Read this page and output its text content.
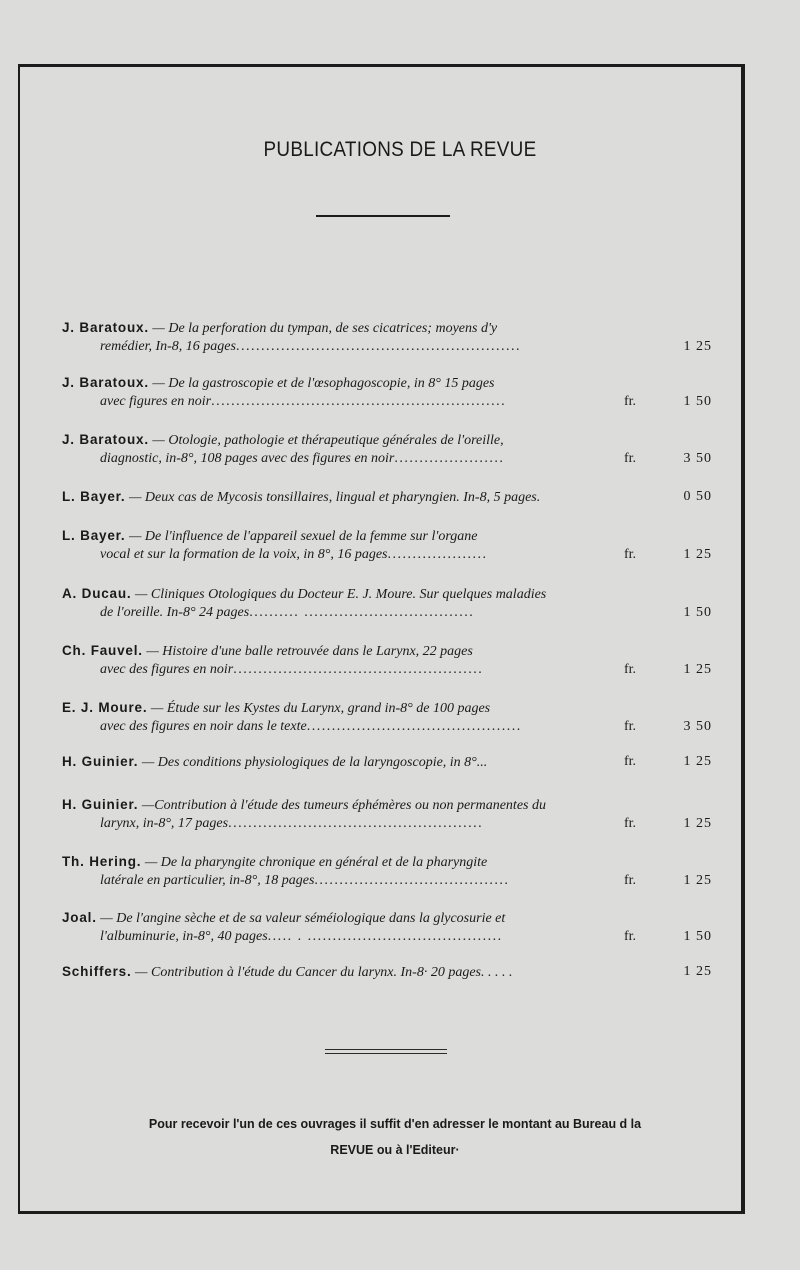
PUBLICATIONS DE LA REVUE
J. Baratoux. — De la perforation du tympan, de ses cicatrices; moyens d'y
remédier, In-8, 16 pages.........................................................	1 25
J. Baratoux. — De la gastroscopie et de l'œsophagoscopie, in 8° 15 pages
avec figures en noir...........................................................	fr.	1 50
J. Baratoux. — Otologie, pathologie et thérapeutique générales de l'oreille,
diagnostic, in-8°, 108 pages avec des figures en noir......................	fr.	3 50
L. Bayer. — Deux cas de Mycosis tonsillaires, lingual et pharyngien. In-8, 5 pages.	0 50
L. Bayer. — De l'influence de l'appareil sexuel de la femme sur l'organe
vocal et sur la formation de la voix, in 8°, 16 pages....................	fr.	1 25
A. Ducau. — Cliniques Otologiques du Docteur E. J. Moure. Sur quelques maladies
de l'oreille. In-8° 24 pages.......... ..................................	1 50
Ch. Fauvel. — Histoire d'une balle retrouvée dans le Larynx, 22 pages
avec des figures en noir..................................................	fr.	1 25
E. J. Moure. — Étude sur les Kystes du Larynx, grand in-8° de 100 pages
avec des figures en noir dans le texte...........................................	fr.	3 50
H. Guinier. — Des conditions physiologiques de la laryngoscopie, in 8°...	fr.	1 25
H. Guinier. —Contribution à l'étude des tumeurs éphémères ou non permanentes du
larynx, in-8°, 17 pages...................................................	fr.	1 25
Th. Hering. — De la pharyngite chronique en général et de la pharyngite
latérale en particulier, in-8°, 18 pages.......................................	fr.	1 25
Joal. — De l'angine sèche et de sa valeur séméiologique dans la glycosurie et
l'albuminurie, in-8°, 40 pages..... . .......................................	fr.	1 50
Schiffers. — Contribution à l'étude du Cancer du larynx. In-8· 20 pages. . . . .	1 25
Pour recevoir l'un de ces ouvrages il suffit d'en adresser le montant au Bureau d la
REVUE ou à l'Editeur·
